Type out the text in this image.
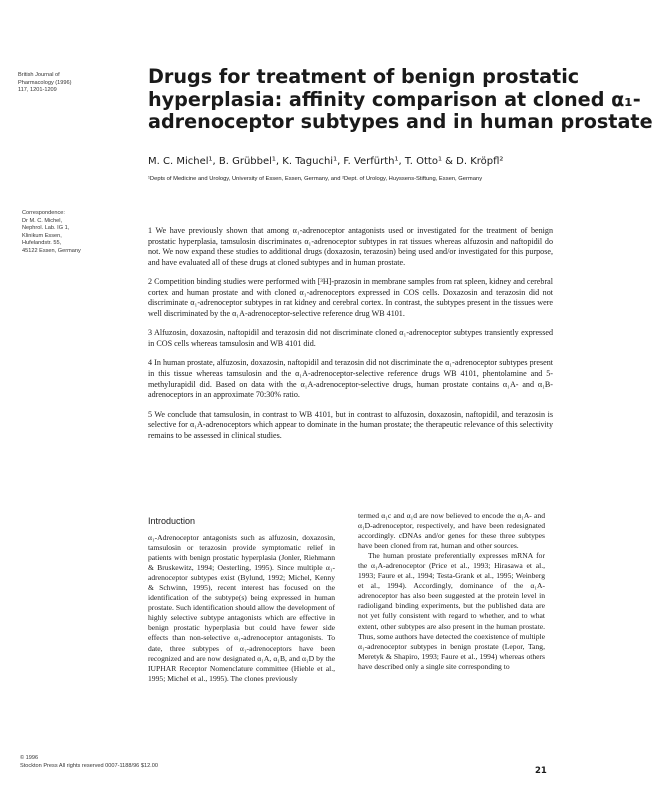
British Journal of
Pharmacology (1996)
117, 1201-1209
Drugs for treatment of benign prostatic
hyperplasia: affinity comparison at cloned α₁-
adrenoceptor subtypes and in human prostate
M. C. Michel¹, B. Grübbel¹, K. Taguchi¹, F. Verfürth¹, T. Otto¹ & D. Kröpfl²
¹Depts of Medicine and Urology, University of Essen, Essen, Germany, and ²Dept. of Urology, Huyssens-Stiftung, Essen, Germany
Correspondence:
Dr M. C. Michel,
Nephrol. Lab. IG 1,
Klinikum Essen,
Hufelandstr. 55,
45122 Essen, Germany

1 We have previously shown that among α₁-adrenoceptor antagonists used or investigated for the treatment of benign prostatic hyperplasia, tamsulosin discriminates α₁-adrenoceptor subtypes in rat tissues whereas alfuzosin and naftopidil do not. We now expand these studies to additional drugs (doxazosin, terazosin) being used and/or investigated for this purpose, and have evaluated all of these drugs at cloned subtypes and in human prostate.

2 Competition binding studies were performed with [³H]-prazosin in membrane samples from rat spleen, kidney and cerebral cortex and human prostate and with cloned α₁-adrenoceptors expressed in COS cells. Doxazosin and terazosin did not discriminate α₁-adrenoceptor subtypes in rat kidney and cerebral cortex. In contrast, the subtypes present in the tissues were well discriminated by the α₁A-adrenoceptor-selective reference drug WB 4101.

3 Alfuzosin, doxazosin, naftopidil and terazosin did not discriminate cloned α₁-adrenoceptor subtypes transiently expressed in COS cells whereas tamsulosin and WB 4101 did.

4 In human prostate, alfuzosin, doxazosin, naftopidil and terazosin did not discriminate the α₁-adrenoceptor subtypes present in this tissue whereas tamsulosin and the α₁A-adrenoceptor-selective reference drugs WB 4101, phentolamine and 5-methylurapidil did. Based on data with the α₁A-adrenoceptor-selective drugs, human prostate contains α₁A- and α₁B-adrenoceptors in an approximate 70:30% ratio.

5 We conclude that tamsulosin, in contrast to WB 4101, but in contrast to alfuzosin, doxazosin, naftopidil, and terazosin is selective for α₁A-adrenoceptors which appear to dominate in the human prostate; the therapeutic relevance of this selectivity remains to be assessed in clinical studies.

Introduction

α₁-Adrenoceptor antagonists such as alfuzosin, doxazosin, tamsulosin or terazosin provide symptomatic relief in patients with benign prostatic hyperplasia (Jonler, Riehmann & Bruskewitz, 1994; Oesterling, 1995). Since multiple α₁-adrenoceptor subtypes exist (Bylund, 1992; Michel, Kenny & Schwinn, 1995), recent interest has focused on the identification of the subtype(s) being expressed in human prostate. Such identification should allow the development of highly selective subtype antagonists which are effective in benign prostatic hyperplasia but could have fewer side effects than non-selective α₁-adrenoceptor antagonists. To date, three subtypes of α₁-adrenoceptors have been recognized and are now designated α₁A, α₁B, and α₁D by the IUPHAR Receptor Nomenclature committee (Hieble et al., 1995; Michel et al., 1995). The clones previously

termed α₁c and α₁d are now believed to encode the α₁A- and α₁D-adrenoceptor, respectively, and have been redesignated accordingly. cDNAs and/or genes for these three subtypes have been cloned from rat, human and other sources.

The human prostate preferentially expresses mRNA for the α₁A-adrenoceptor (Price et al., 1993; Hirasawa et al., 1993; Faure et al., 1994; Testa-Grank et al., 1995; Weinberg et al., 1994). Accordingly, dominance of the α₁A-adrenoceptor has also been suggested at the protein level in radioligand binding experiments, but the published data are not yet fully consistent with regard to whether, and to what extent, other subtypes are also present in the human prostate. Thus, some authors have detected the coexistence of multiple α₁-adrenoceptor subtypes in benign prostate (Lepor, Tang, Meretyk & Shapiro, 1993; Faure et al., 1994) whereas others have described only a single site corresponding to

© 1996
Stockton Press All rights reserved 0007-1188/96 $12.00
21
